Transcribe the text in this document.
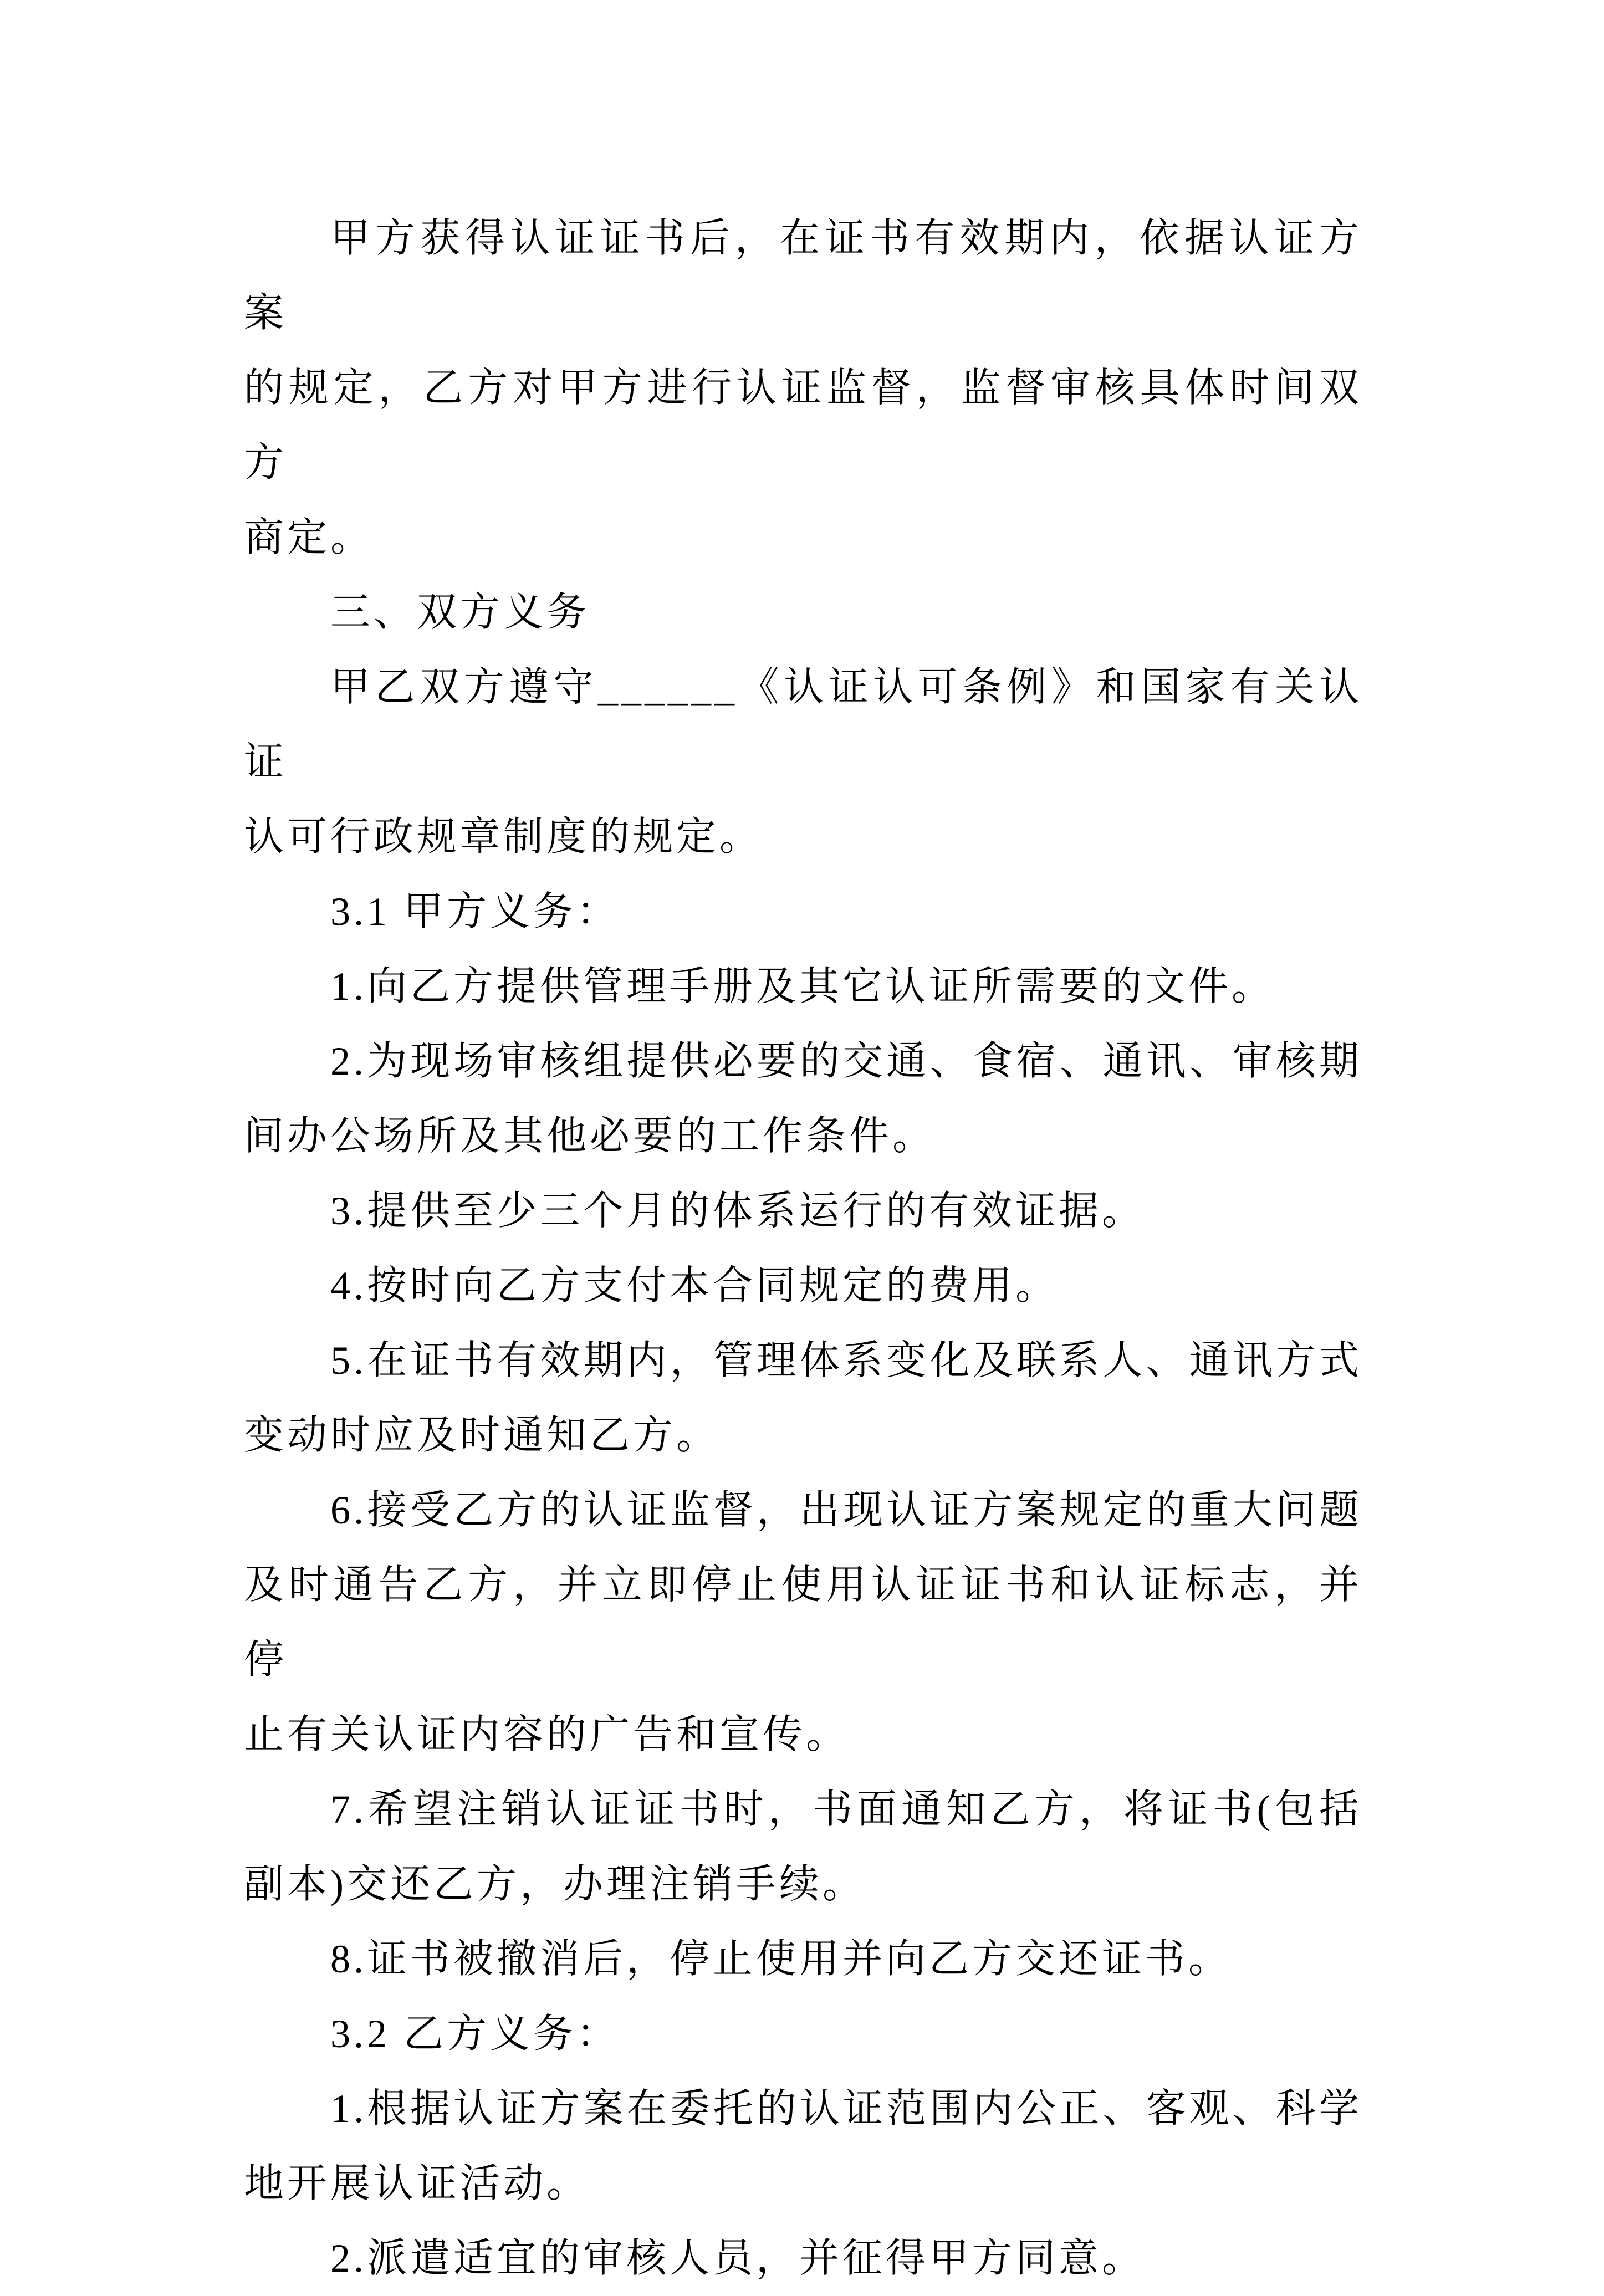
甲方获得认证证书后，在证书有效期内，依据认证方案
的规定，乙方对甲方进行认证监督，监督审核具体时间双方
商定。
三、双方义务
甲乙双方遵守______《认证认可条例》和国家有关认证
认可行政规章制度的规定。
3.1 甲方义务：
1.向乙方提供管理手册及其它认证所需要的文件。
2.为现场审核组提供必要的交通、食宿、通讯、审核期
间办公场所及其他必要的工作条件。
3.提供至少三个月的体系运行的有效证据。
4.按时向乙方支付本合同规定的费用。
5.在证书有效期内，管理体系变化及联系人、通讯方式
变动时应及时通知乙方。
6.接受乙方的认证监督，出现认证方案规定的重大问题
及时通告乙方，并立即停止使用认证证书和认证标志，并停
止有关认证内容的广告和宣传。
7.希望注销认证证书时，书面通知乙方，将证书(包括
副本)交还乙方，办理注销手续。
8.证书被撤消后，停止使用并向乙方交还证书。
3.2 乙方义务：
1.根据认证方案在委托的认证范围内公正、客观、科学
地开展认证活动。
2.派遣适宜的审核人员，并征得甲方同意。
